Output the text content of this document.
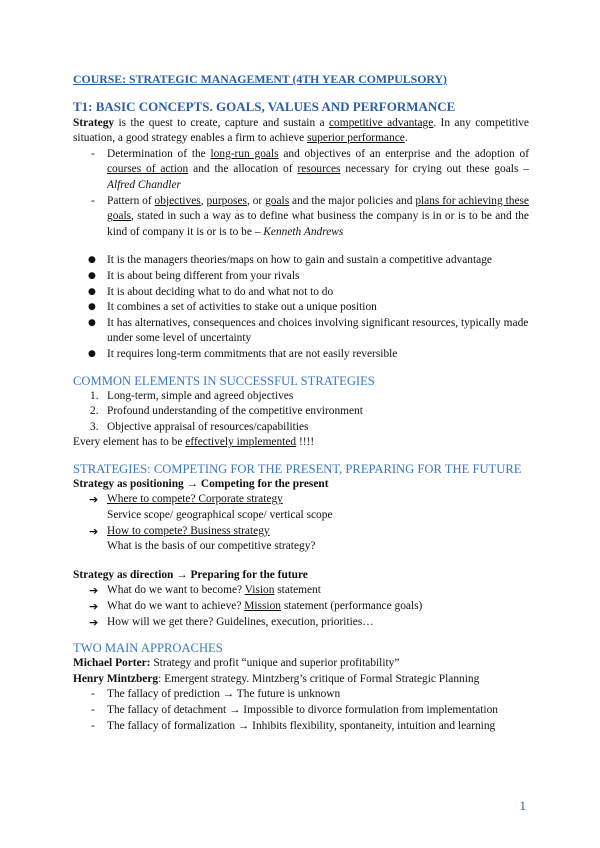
COURSE: STRATEGIC MANAGEMENT (4TH YEAR COMPULSORY)
T1: BASIC CONCEPTS. GOALS, VALUES AND PERFORMANCE

Strategy is the quest to create, capture and sustain a competitive advantage. In any competitive situation, a good strategy enables a firm to achieve superior performance.

- Determination of the long-run goals and objectives of an enterprise and the adoption of courses of action and the allocation of resources necessary for crying out these goals – Alfred Chandler
- Pattern of objectives, purposes, or goals and the major policies and plans for achieving these goals, stated in such a way as to define what business the company is in or is to be and the kind of company it is or is to be – Kenneth Andrews
● It is the managers theories/maps on how to gain and sustain a competitive advantage
● It is about being different from your rivals
● It is about deciding what to do and what not to do
● It combines a set of activities to stake out a unique position
● It has alternatives, consequences and choices involving significant resources, typically made under some level of uncertainty
● It requires long-term commitments that are not easily reversible
COMMON ELEMENTS IN SUCCESSFUL STRATEGIES
1. Long-term, simple and agreed objectives
2. Profound understanding of the competitive environment
3. Objective appraisal of resources/capabilities

Every element has to be effectively implemented !!!!

STRATEGIES: COMPETING FOR THE PRESENT, PREPARING FOR THE FUTURE

Strategy as positioning → Competing for the present

➔ Where to compete? Corporate strategy
Service scope/ geographical scope/ vertical scope
➔ How to compete? Business strategy
What is the basis of our competitive strategy?

Strategy as direction → Preparing for the future

➔ What do we want to become? Vision statement
➔ What do we want to achieve? Mission statement (performance goals)
➔ How will we get there? Guidelines, execution, priorities…
TWO MAIN APPROACHES

Michael Porter: Strategy and profit “unique and superior profitability”

Henry Mintzberg: Emergent strategy. Mintzberg’s critique of Formal Strategic Planning

- The fallacy of prediction → The future is unknown
- The fallacy of detachment → Impossible to divorce formulation from implementation
- The fallacy of formalization → Inhibits flexibility, spontaneity, intuition and learning
1
